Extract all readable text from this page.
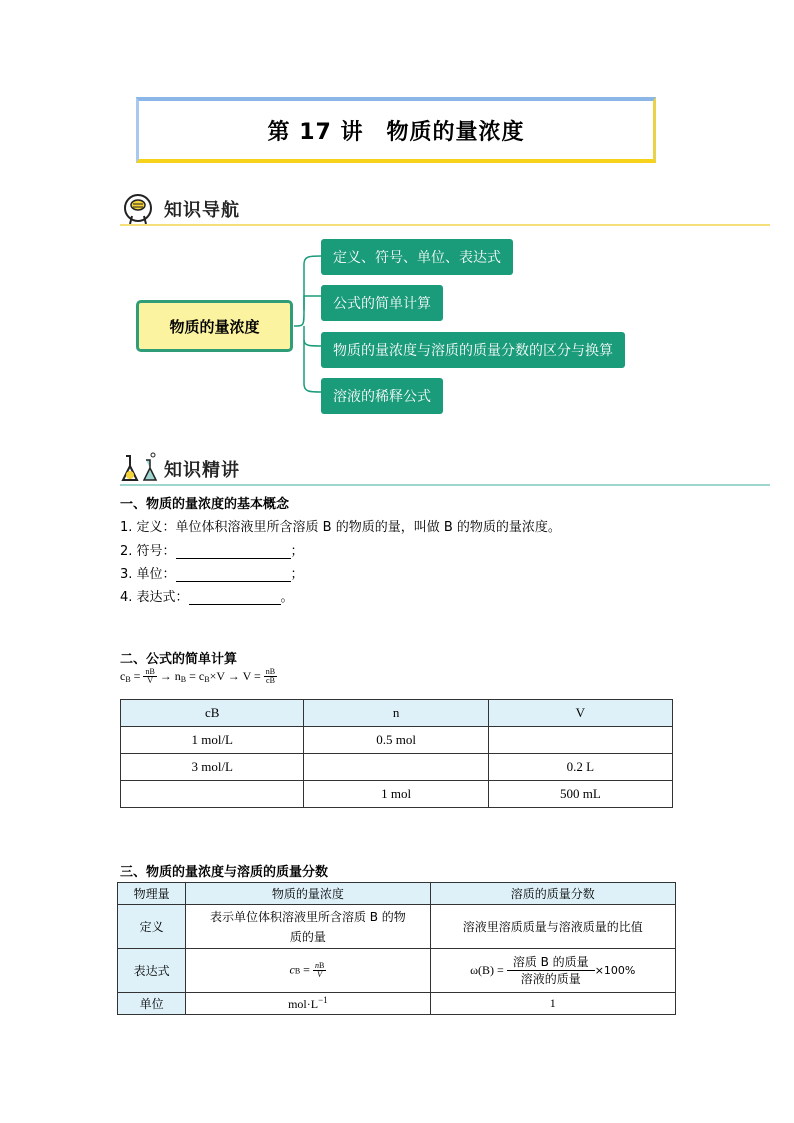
第 17 讲　物质的量浓度
知识导航
物质的量浓度
定义、符号、单位、表达式
公式的简单计算
物质的量浓度与溶质的质量分数的区分与换算
溶液的稀释公式
知识精讲
一、物质的量浓度的基本概念
1. 定义：单位体积溶液里所含溶质 B 的物质的量，叫做 B 的物质的量浓度。
2. 符号：	；
3. 单位：	；
4. 表达式：	。
二、公式的简单计算
c $B = \frac{nB}{V} \to n$ B = c $B \times V \to V = \frac{nB}{cB}$
cB	n	V
1 mol/L	0.5 mol	
3 mol/L		0.2 L
	1 mol	500 mL
三、物质的量浓度与溶质的质量分数
物理量	物质的量浓度	溶质的质量分数
定义	表示单位体积溶液里所含溶质 B 的物质的量	溶液里溶质质量与溶液质量的比值
表达式	cB = $\frac{nB}{V}$	$\omega(B) = \frac{\text{溶质 B 的质量}}{\text{溶液的质量}} \times 100\%$
单位	$mol\cdot L^{-1}$	1
